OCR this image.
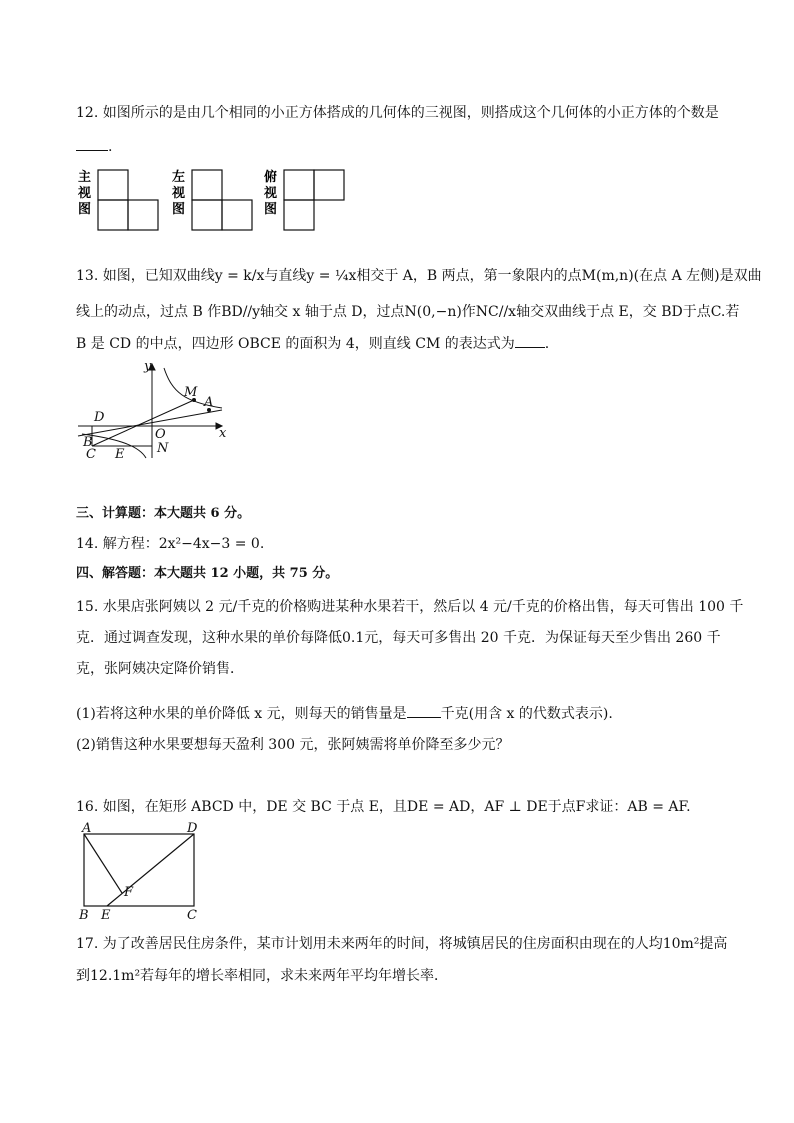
12. 如图所示的是由几个相同的小正方体搭成的几何体的三视图，则搭成这个几何体的小正方体的个数是
.
主
视
图
左
视
图
俯
视
图
13. 如图，已知双曲线y = k/x与直线y = ¼x相交于 A，B 两点，第一象限内的点M(m,n)(在点 A 左侧)是双曲
线上的动点，过点 B 作BD//y轴交 x 轴于点 D，过点N(0,−n)作NC//x轴交双曲线于点 E，交 BD于点C.若
B 是 CD 的中点，四边形 OBCE 的面积为 4，则直线 CM 的表达式为 .
y
x
M
A
D
O
B	N
C E
三、计算题：本大题共 6 分。
14. 解方程：2x²−4x−3 = 0.
四、解答题：本大题共 12 小题，共 75 分。
15. 水果店张阿姨以 2 元/千克的价格购进某种水果若干，然后以 4 元/千克的价格出售，每天可售出 100 千
克．通过调查发现，这种水果的单价每降低0.1元，每天可多售出 20 千克．为保证每天至少售出 260 千
克，张阿姨决定降价销售．
(1)若将这种水果的单价降低 x 元，则每天的销售量是 千克(用含 x 的代数式表示).
(2)销售这种水果要想每天盈利 300 元，张阿姨需将单价降至多少元？
16. 如图，在矩形 ABCD 中，DE 交 BC 于点 E，且DE = AD，AF ⊥ DE于点F求证：AB = AF.
A	D
F
B E	C
17. 为了改善居民住房条件，某市计划用未来两年的时间，将城镇居民的住房面积由现在的人均10m²提高
到12.1m²若每年的增长率相同，求未来两年平均年增长率．
